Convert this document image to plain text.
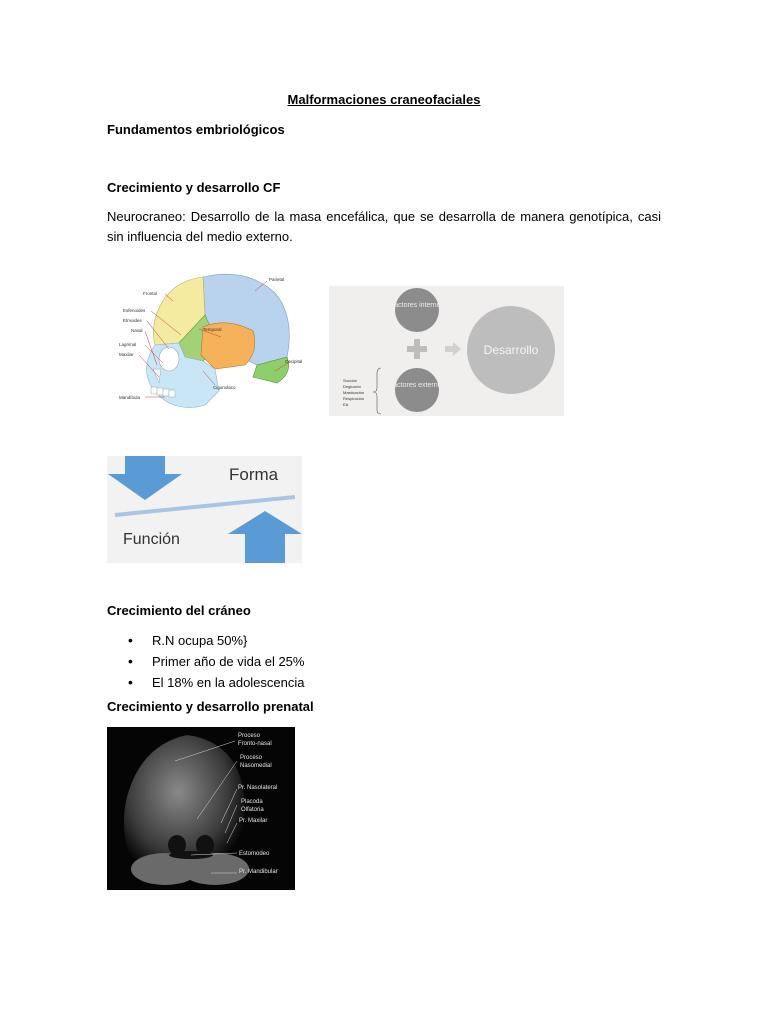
Malformaciones craneofaciales
Fundamentos embriológicos
Crecimiento y desarrollo CF
Neurocraneo: Desarrollo de la masa encefálica, que se desarrolla de manera genotípica, casi sin influencia del medio externo.
Parietal
Frontal
Esfenoides
Etmoides
Nasal	Temporal
Lagrimal
Maxilar
Occipital
Cigomático
Mandíbula
Factores internos
Factores externos
Desarrollo
Succión
Deglución
Masticación
Respiración
EA
Forma
Función
Crecimiento del cráneo
• R.N ocupa 50%}
• Primer año de vida el 25%
• El 18% en la adolescencia
Crecimiento y desarrollo prenatal
Proceso
Fronto-nasal
Proceso
Nasomedial
Pr. Nasolateral
Placoda
Olfatoria
Pr. Maxilar
Estomodeo
Pr. Mandibular
